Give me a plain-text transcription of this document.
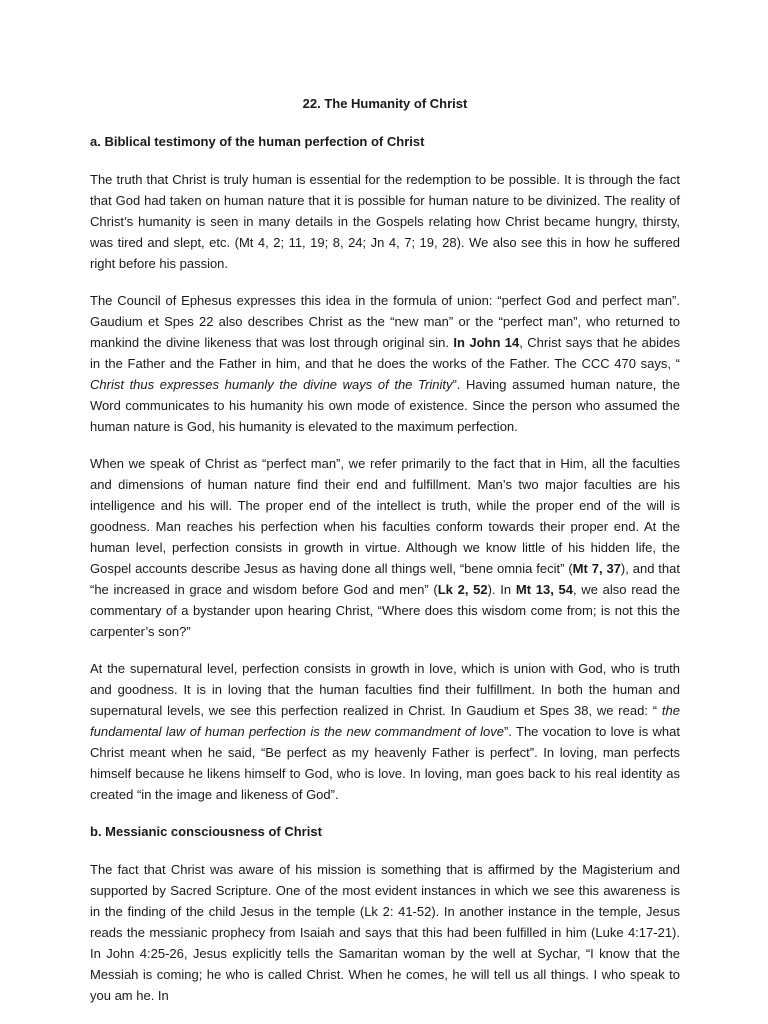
22. The Humanity of Christ
a. Biblical testimony of the human perfection of Christ
The truth that Christ is truly human is essential for the redemption to be possible. It is through the fact that God had taken on human nature that it is possible for human nature to be divinized. The reality of Christ’s humanity is seen in many details in the Gospels relating how Christ became hungry, thirsty, was tired and slept, etc. (Mt 4, 2; 11, 19; 8, 24; Jn 4, 7; 19, 28). We also see this in how he suffered right before his passion.
The Council of Ephesus expresses this idea in the formula of union: “perfect God and perfect man”. Gaudium et Spes 22 also describes Christ as the “new man” or the “perfect man”, who returned to mankind the divine likeness that was lost through original sin. In John 14, Christ says that he abides in the Father and the Father in him, and that he does the works of the Father. The CCC 470 says, “ Christ thus expresses humanly the divine ways of the Trinity”. Having assumed human nature, the Word communicates to his humanity his own mode of existence. Since the person who assumed the human nature is God, his humanity is elevated to the maximum perfection.
When we speak of Christ as “perfect man”, we refer primarily to the fact that in Him, all the faculties and dimensions of human nature find their end and fulfillment. Man’s two major faculties are his intelligence and his will. The proper end of the intellect is truth, while the proper end of the will is goodness. Man reaches his perfection when his faculties conform towards their proper end. At the human level, perfection consists in growth in virtue. Although we know little of his hidden life, the Gospel accounts describe Jesus as having done all things well, “bene omnia fecit” (Mt 7, 37), and that “he increased in grace and wisdom before God and men” (Lk 2, 52). In Mt 13, 54, we also read the commentary of a bystander upon hearing Christ, “Where does this wisdom come from; is not this the carpenter’s son?”
At the supernatural level, perfection consists in growth in love, which is union with God, who is truth and goodness. It is in loving that the human faculties find their fulfillment. In both the human and supernatural levels, we see this perfection realized in Christ. In Gaudium et Spes 38, we read: “ the fundamental law of human perfection is the new commandment of love”. The vocation to love is what Christ meant when he said, “Be perfect as my heavenly Father is perfect”. In loving, man perfects himself because he likens himself to God, who is love. In loving, man goes back to his real identity as created “in the image and likeness of God”.
b. Messianic consciousness of Christ
The fact that Christ was aware of his mission is something that is affirmed by the Magisterium and supported by Sacred Scripture. One of the most evident instances in which we see this awareness is in the finding of the child Jesus in the temple (Lk 2: 41-52). In another instance in the temple, Jesus reads the messianic prophecy from Isaiah and says that this had been fulfilled in him (Luke 4:17-21). In John 4:25-26, Jesus explicitly tells the Samaritan woman by the well at Sychar, “I know that the Messiah is coming; he who is called Christ. When he comes, he will tell us all things. I who speak to you am he. In
